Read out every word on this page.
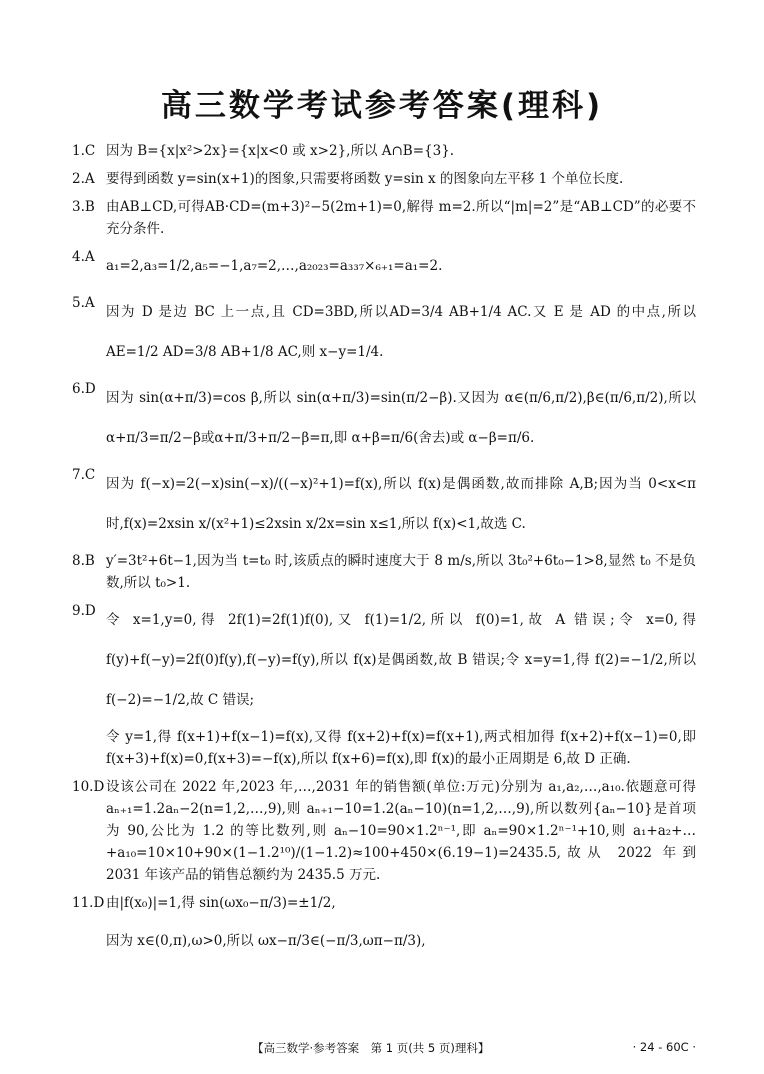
高三数学考试参考答案(理科)
1.C 因为 B={x|x²>2x}={x|x<0 或 x>2},所以 A∩B={3}.

2.A 要得到函数 y=sin(x+1)的图象,只需要将函数 y=sin x 的图象向左平移 1 个单位长度.

3.B 由AB⊥CD,可得AB·CD=(m+3)²−5(2m+1)=0,解得 m=2.所以“|m|=2”是“AB⊥CD”的必要不充分条件.

4.A

a₁=2,a₃=1/2,a₅=−1,a₇=2,…,a₂₀₂₃=a₃₃₇×₆₊₁=a₁=2.

5.A

因为 D 是边 BC 上一点,且 CD=3BD,所以AD=3/4 AB+1/4 AC.又 E 是 AD 的中点,所以AE=1/2 AD=3/8 AB+1/8 AC,则 x−y=1/4.

6.D

因为 sin(α+π/3)=cos β,所以 sin(α+π/3)=sin(π/2−β).又因为 α∈(π/6,π/2),β∈(π/6,π/2),所以 α+π/3=π/2−β或α+π/3+π/2−β=π,即 α+β=π/6(舍去)或 α−β=π/6.

7.C

因为 f(−x)=2(−x)sin(−x)/((−x)²+1)=f(x),所以 f(x)是偶函数,故而排除 A,B;因为当 0<x<π 时,f(x)=2xsin x/(x²+1)≤2xsin x/2x=sin x≤1,所以 f(x)<1,故选 C.

8.B y′=3t²+6t−1,因为当 t=t₀ 时,该质点的瞬时速度大于 8 m/s,所以 3t₀²+6t₀−1>8,显然 t₀ 不是负数,所以 t₀>1.

9.D

令 x=1,y=0,得 2f(1)=2f(1)f(0),又 f(1)=1/2,所以 f(0)=1,故 A 错误;令 x=0,得 f(y)+f(−y)=2f(0)f(y),f(−y)=f(y),所以 f(x)是偶函数,故 B 错误;令 x=y=1,得 f(2)=−1/2,所以 f(−2)=−1/2,故 C 错误;

令 y=1,得 f(x+1)+f(x−1)=f(x),又得 f(x+2)+f(x)=f(x+1),两式相加得 f(x+2)+f(x−1)=0,即 f(x+3)+f(x)=0,f(x+3)=−f(x),所以 f(x+6)=f(x),即 f(x)的最小正周期是 6,故 D 正确.

10.D 设该公司在 2022 年,2023 年,…,2031 年的销售额(单位:万元)分别为 a₁,a₂,…,a₁₀.依题意可得 aₙ₊₁=1.2aₙ−2(n=1,2,…,9),则 aₙ₊₁−10=1.2(aₙ−10)(n=1,2,…,9),所以数列{aₙ−10}是首项为 90,公比为 1.2 的等比数列,则 aₙ−10=90×1.2ⁿ⁻¹,即 aₙ=90×1.2ⁿ⁻¹+10,则 a₁+a₂+…+a₁₀=10×10+90×(1−1.2¹⁰)/(1−1.2)≈100+450×(6.19−1)=2435.5,故从 2022 年到 2031 年该产品的销售总额约为 2435.5 万元.

11.D 由|f(x₀)|=1,得 sin(ωx₀−π/3)=±1/2,

因为 x∈(0,π),ω>0,所以 ωx−π/3∈(−π/3,ωπ−π/3),

【高三数学·参考答案　第 1 页(共 5 页)理科】	· 24 - 60C ·
